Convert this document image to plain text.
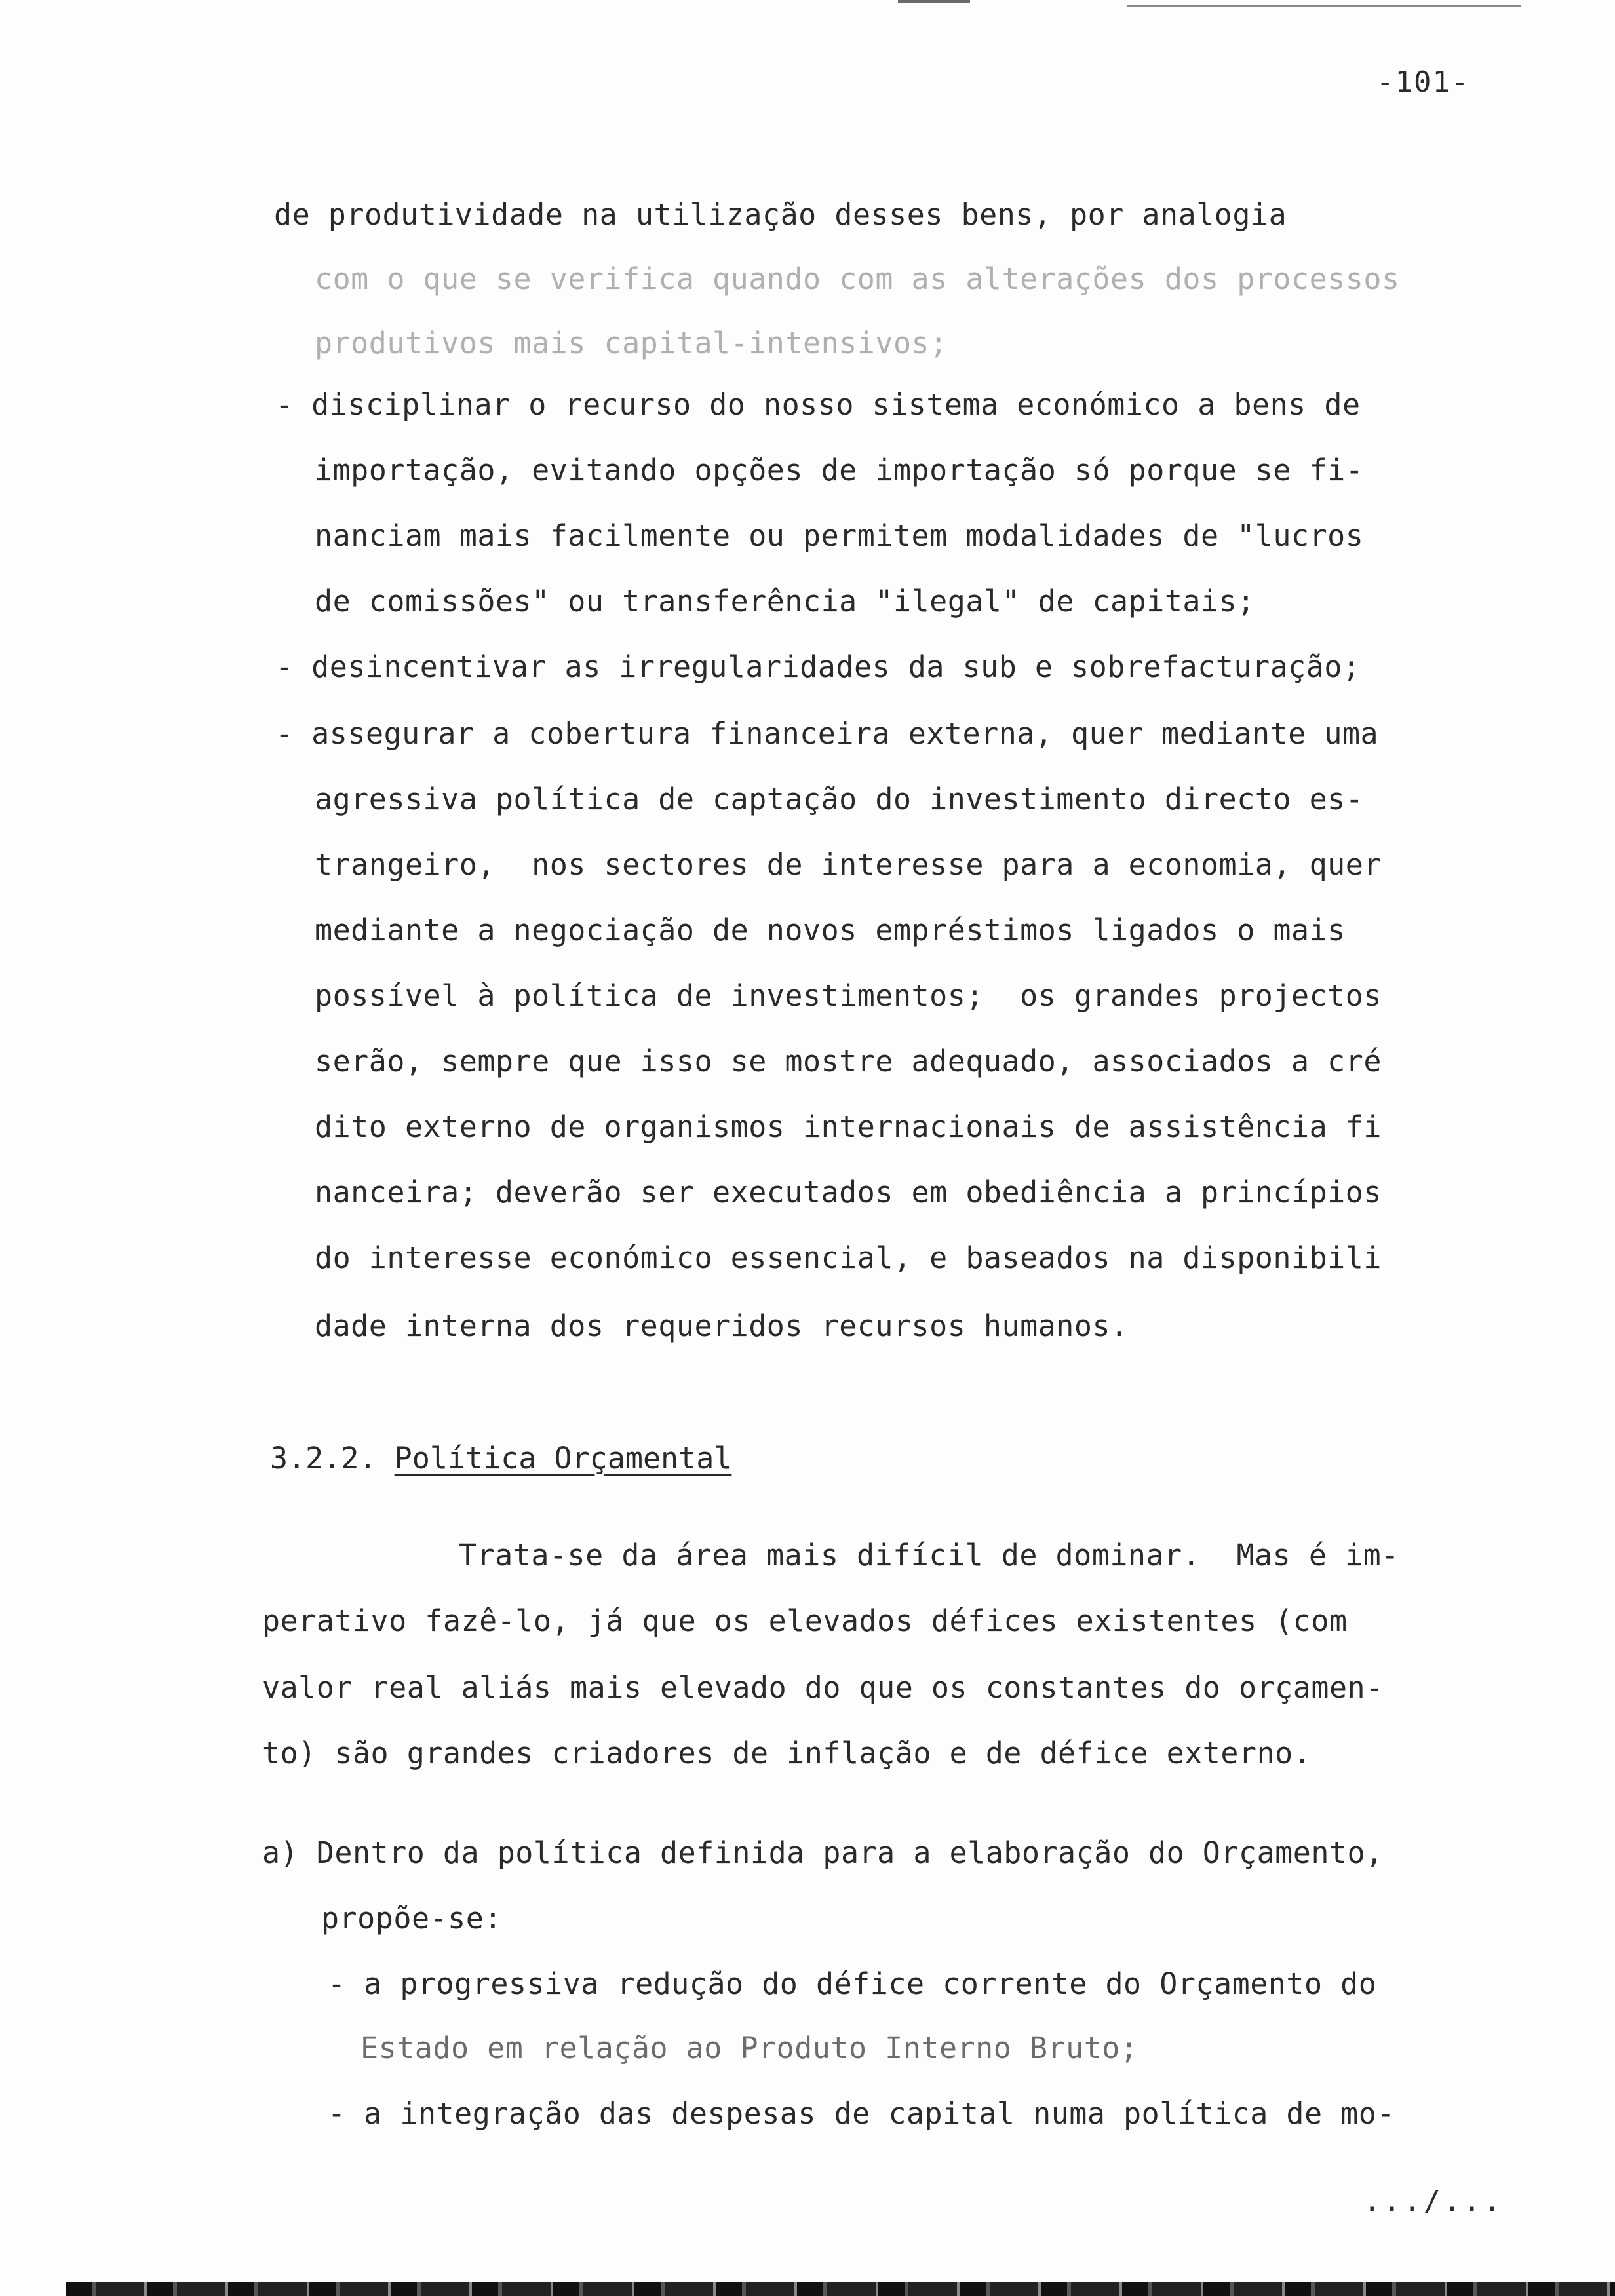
-101-
de produtividade na utilização desses bens, por analogia
com o que se verifica quando com as alterações dos processos
produtivos mais capital-intensivos;
- disciplinar o recurso do nosso sistema económico a bens de
importação, evitando opções de importação só porque se fi-
nanciam mais facilmente ou permitem modalidades de "lucros
de comissões" ou transferência "ilegal" de capitais;
- desincentivar as irregularidades da sub e sobrefacturação;
- assegurar a cobertura financeira externa, quer mediante uma
agressiva política de captação do investimento directo es-
trangeiro,  nos sectores de interesse para a economia, quer
mediante a negociação de novos empréstimos ligados o mais
possível à política de investimentos;  os grandes projectos
serão, sempre que isso se mostre adequado, associados a cré
dito externo de organismos internacionais de assistência fi
nanceira; deverão ser executados em obediência a princípios
do interesse económico essencial, e baseados na disponibili
dade interna dos requeridos recursos humanos.
Trata-se da área mais difícil de dominar.  Mas é im-
perativo fazê-lo, já que os elevados défices existentes (com
valor real aliás mais elevado do que os constantes do orçamen-
to) são grandes criadores de inflação e de défice externo.
a) Dentro da política definida para a elaboração do Orçamento,
propõe-se:
- a progressiva redução do défice corrente do Orçamento do
Estado em relação ao Produto Interno Bruto;
- a integração das despesas de capital numa política de mo-
3.2.2. Política Orçamental
.../...
